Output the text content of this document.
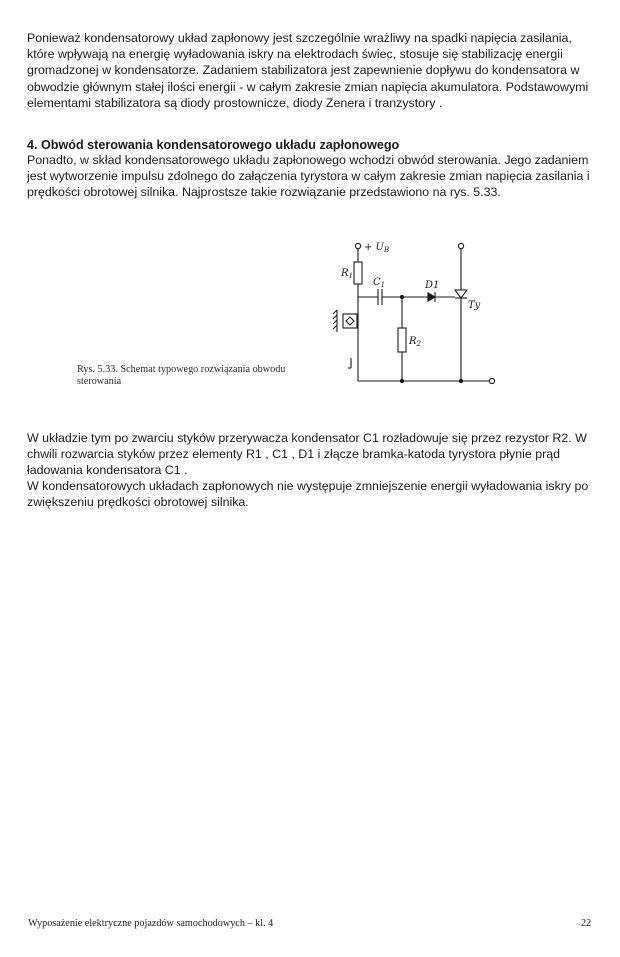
Ponieważ kondensatorowy układ zapłonowy jest szczególnie wrażliwy na spadki napięcia zasilania, które wpływają na energię wyładowania iskry na elektrodach świec, stosuje się stabilizację energii gromadzonej w kondensatorze. Zadaniem stabilizatora jest zapewnienie dopływu do kondensatora w obwodzie głównym stałej ilości energii - w całym zakresie zmian napięcia akumulatora. Podstawowymi elementami stabilizatora są diody prostownicze, diody Zenera i tranzystory .

4. Obwód sterowania kondensatorowego układu zapłonowego

Ponadto, w skład kondensatorowego układu zapłonowego wchodzi obwód sterowania. Jego zadaniem jest wytworzenie impulsu zdolnego do załączenia tyrystora w całym zakresie zmian napięcia zasilania i prędkości obrotowej silnika. Najprostsze takie rozwiązanie przedstawiono na rys. 5.33.

+ $U_B$
$R_1$
$C_1$	D1
$R_2$
Ty
Rys. 5.33. Schemat typowego rozwiązania obwodu sterowania

W układzie tym po zwarciu styków przerywacza kondensator C1 rozładowuje się przez rezystor R2. W chwili rozwarcia styków przez elementy R1 , C1 , D1 i złącze bramka-katoda tyrystora płynie prąd ładowania kondensatora C1 .

W kondensatorowych układach zapłonowych nie występuje zmniejszenie energii wyładowania iskry po zwiększeniu prędkości obrotowej silnika.

Wyposażenie elektryczne pojazdów samochodowych – kl. 4	22
